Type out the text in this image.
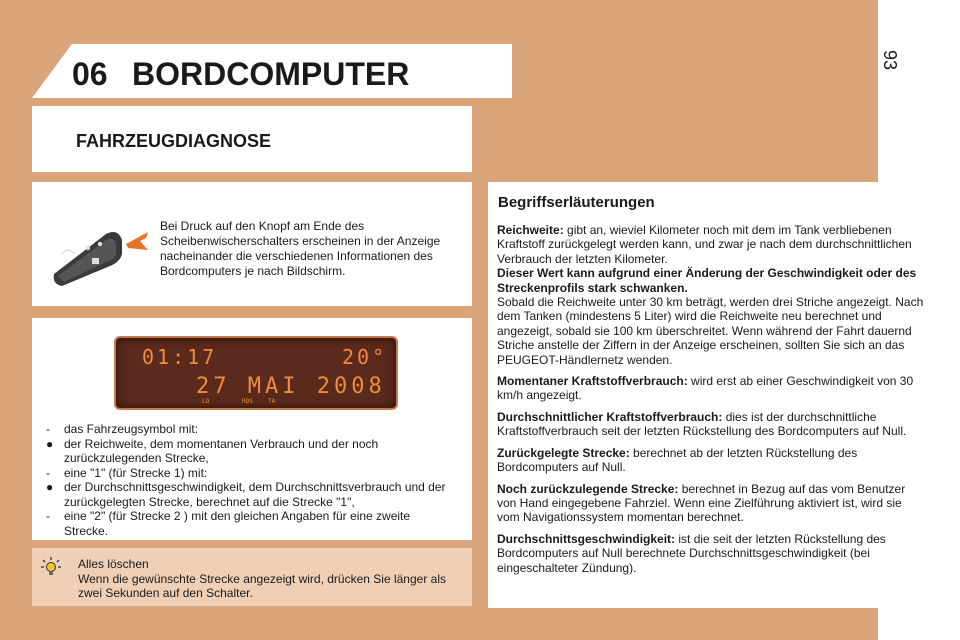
93
06 BORDCOMPUTER
FAHRZEUGDIAGNOSE
Bei Druck auf den Knopf am Ende des Scheibenwischerschalters erscheinen in der Anzeige nacheinander die verschiedenen Informationen des Bordcomputers je nach Bildschirm.
01:17	20°
27 MAI 2008
LO	RDS	TA
- das Fahrzeugsymbol mit:
● der Reichweite, dem momentanen Verbrauch und der noch zurückzulegenden Strecke,
- eine "1" (für Strecke 1) mit:
● der Durchschnittsgeschwindigkeit, dem Durchschnittsverbrauch und der zurückgelegten Strecke, berechnet auf die Strecke "1",
- eine "2" (für Strecke 2 ) mit den gleichen Angaben für eine zweite Strecke.
Alles löschen
Wenn die gewünschte Strecke angezeigt wird, drücken Sie länger als zwei Sekunden auf den Schalter.
Begriffserläuterungen

Reichweite: gibt an, wieviel Kilometer noch mit dem im Tank verbliebenen Kraftstoff zurückgelegt werden kann, und zwar je nach dem durchschnittlichen Verbrauch der letzten Kilometer.
Dieser Wert kann aufgrund einer Änderung der Geschwindigkeit oder des Streckenprofils stark schwanken.
Sobald die Reichweite unter 30 km beträgt, werden drei Striche angezeigt. Nach dem Tanken (mindestens 5 Liter) wird die Reichweite neu berechnet und angezeigt, sobald sie 100 km überschreitet. Wenn während der Fahrt dauernd Striche anstelle der Ziffern in der Anzeige erscheinen, sollten Sie sich an das PEUGEOT-Händlernetz wenden.

Momentaner Kraftstoffverbrauch: wird erst ab einer Geschwindigkeit von 30 km/h angezeigt.

Durchschnittlicher Kraftstoffverbrauch: dies ist der durchschnittliche Kraftstoffverbrauch seit der letzten Rückstellung des Bordcomputers auf Null.

Zurückgelegte Strecke: berechnet ab der letzten Rückstellung des Bordcomputers auf Null.

Noch zurückzulegende Strecke: berechnet in Bezug auf das vom Benutzer von Hand eingegebene Fahrziel. Wenn eine Zielführung aktiviert ist, wird sie vom Navigationssystem momentan berechnet.

Durchschnittsgeschwindigkeit: ist die seit der letzten Rückstellung des Bordcomputers auf Null berechnete Durchschnittsgeschwindigkeit (bei eingeschalteter Zündung).
